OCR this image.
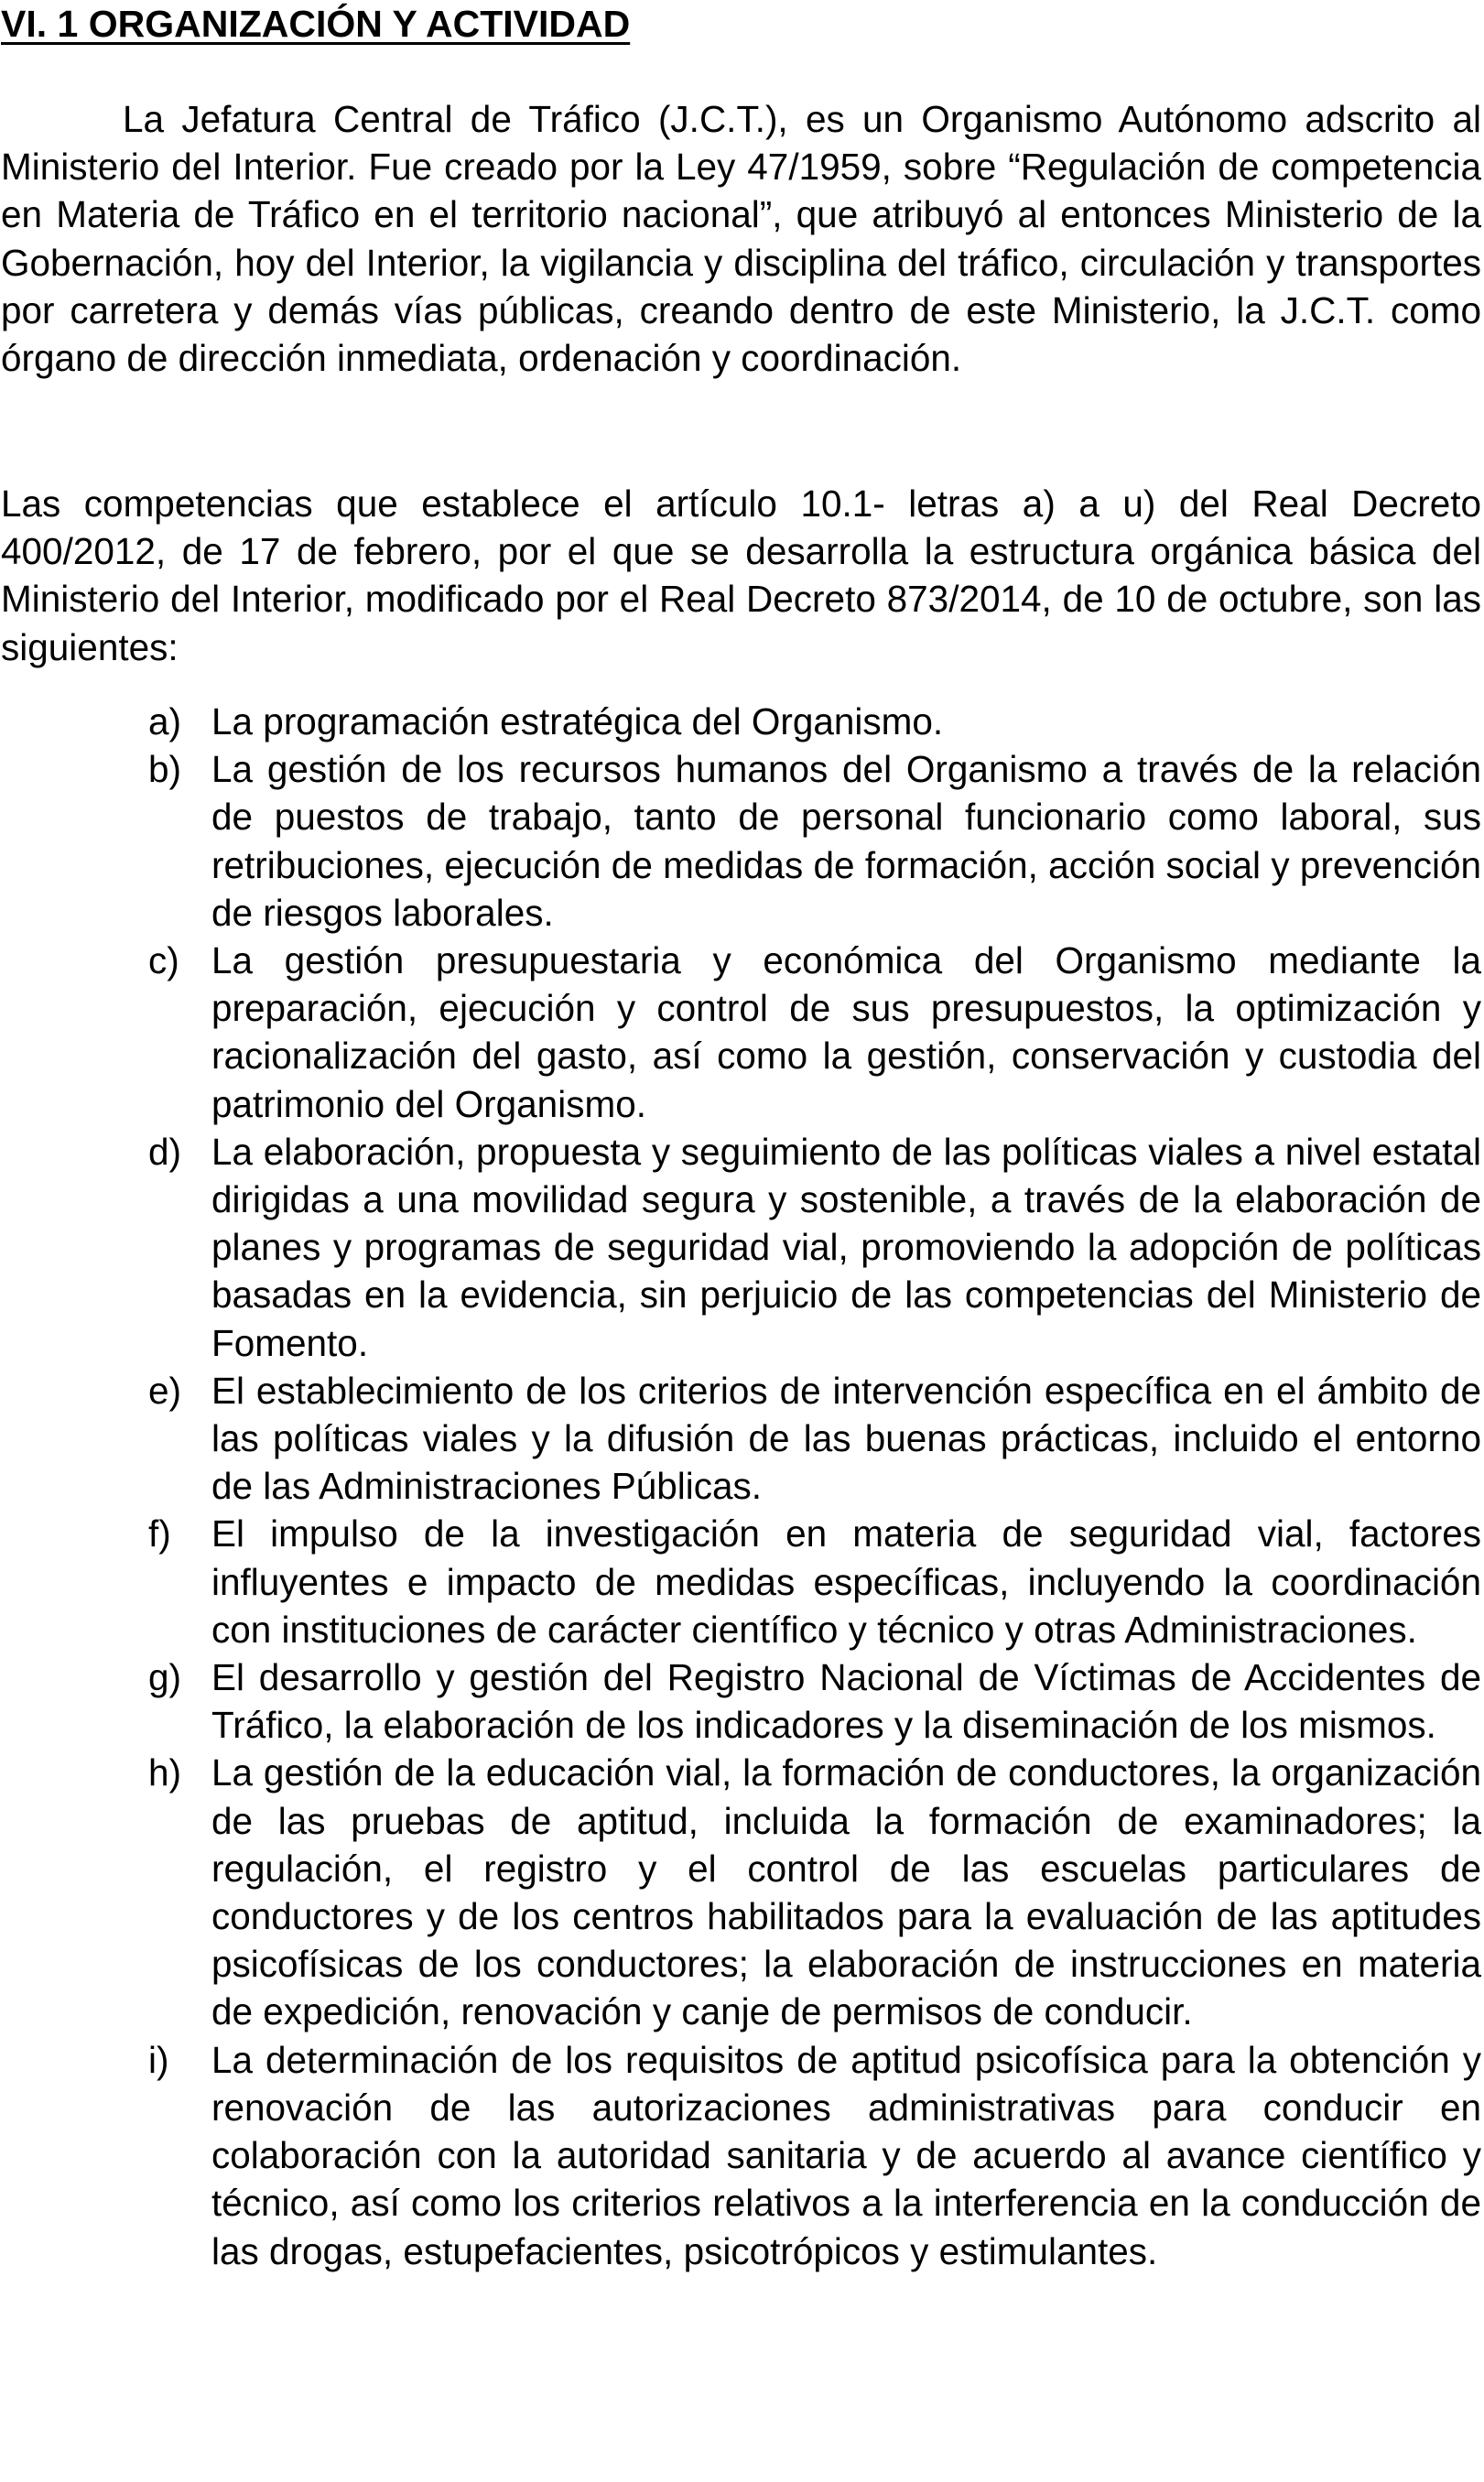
VI. 1 ORGANIZACIÓN Y ACTIVIDAD

La Jefatura Central de Tráfico (J.C.T.), es un Organismo Autónomo adscrito al Ministerio del Interior. Fue creado por la Ley 47/1959, sobre “Regulación de competencia en Materia de Tráfico en el territorio nacional”, que atribuyó al entonces Ministerio de la Gobernación, hoy del Interior, la vigilancia y disciplina del tráfico, circulación y transportes por carretera y demás vías públicas, creando dentro de este Ministerio, la J.C.T. como órgano de dirección inmediata, ordenación y coordinación.

Las competencias que establece el artículo 10.1- letras a) a u) del Real Decreto 400/2012, de 17 de febrero, por el que se desarrolla la estructura orgánica básica del Ministerio del Interior, modificado por el Real Decreto 873/2014, de 10 de octubre, son las siguientes:

a) La programación estratégica del Organismo.
b) La gestión de los recursos humanos del Organismo a través de la relación de puestos de trabajo, tanto de personal funcionario como laboral, sus retribuciones, ejecución de medidas de formación, acción social y prevención de riesgos laborales.
c) La gestión presupuestaria y económica del Organismo mediante la preparación, ejecución y control de sus presupuestos, la optimización y racionalización del gasto, así como la gestión, conservación y custodia del patrimonio del Organismo.
d) La elaboración, propuesta y seguimiento de las políticas viales a nivel estatal dirigidas a una movilidad segura y sostenible, a través de la elaboración de planes y programas de seguridad vial, promoviendo la adopción de políticas basadas en la evidencia, sin perjuicio de las competencias del Ministerio de Fomento.
e) El establecimiento de los criterios de intervención específica en el ámbito de las políticas viales y la difusión de las buenas prácticas, incluido el entorno de las Administraciones Públicas.
f) El impulso de la investigación en materia de seguridad vial, factores influyentes e impacto de medidas específicas, incluyendo la coordinación con instituciones de carácter científico y técnico y otras Administraciones.
g) El desarrollo y gestión del Registro Nacional de Víctimas de Accidentes de Tráfico, la elaboración de los indicadores y la diseminación de los mismos.
h) La gestión de la educación vial, la formación de conductores, la organización de las pruebas de aptitud, incluida la formación de examinadores; la regulación, el registro y el control de las escuelas particulares de conductores y de los centros habilitados para la evaluación de las aptitudes psicofísicas de los conductores; la elaboración de instrucciones en materia de expedición, renovación y canje de permisos de conducir.
i) La determinación de los requisitos de aptitud psicofísica para la obtención y renovación de las autorizaciones administrativas para conducir en colaboración con la autoridad sanitaria y de acuerdo al avance científico y técnico, así como los criterios relativos a la interferencia en la conducción de las drogas, estupefacientes, psicotrópicos y estimulantes.
